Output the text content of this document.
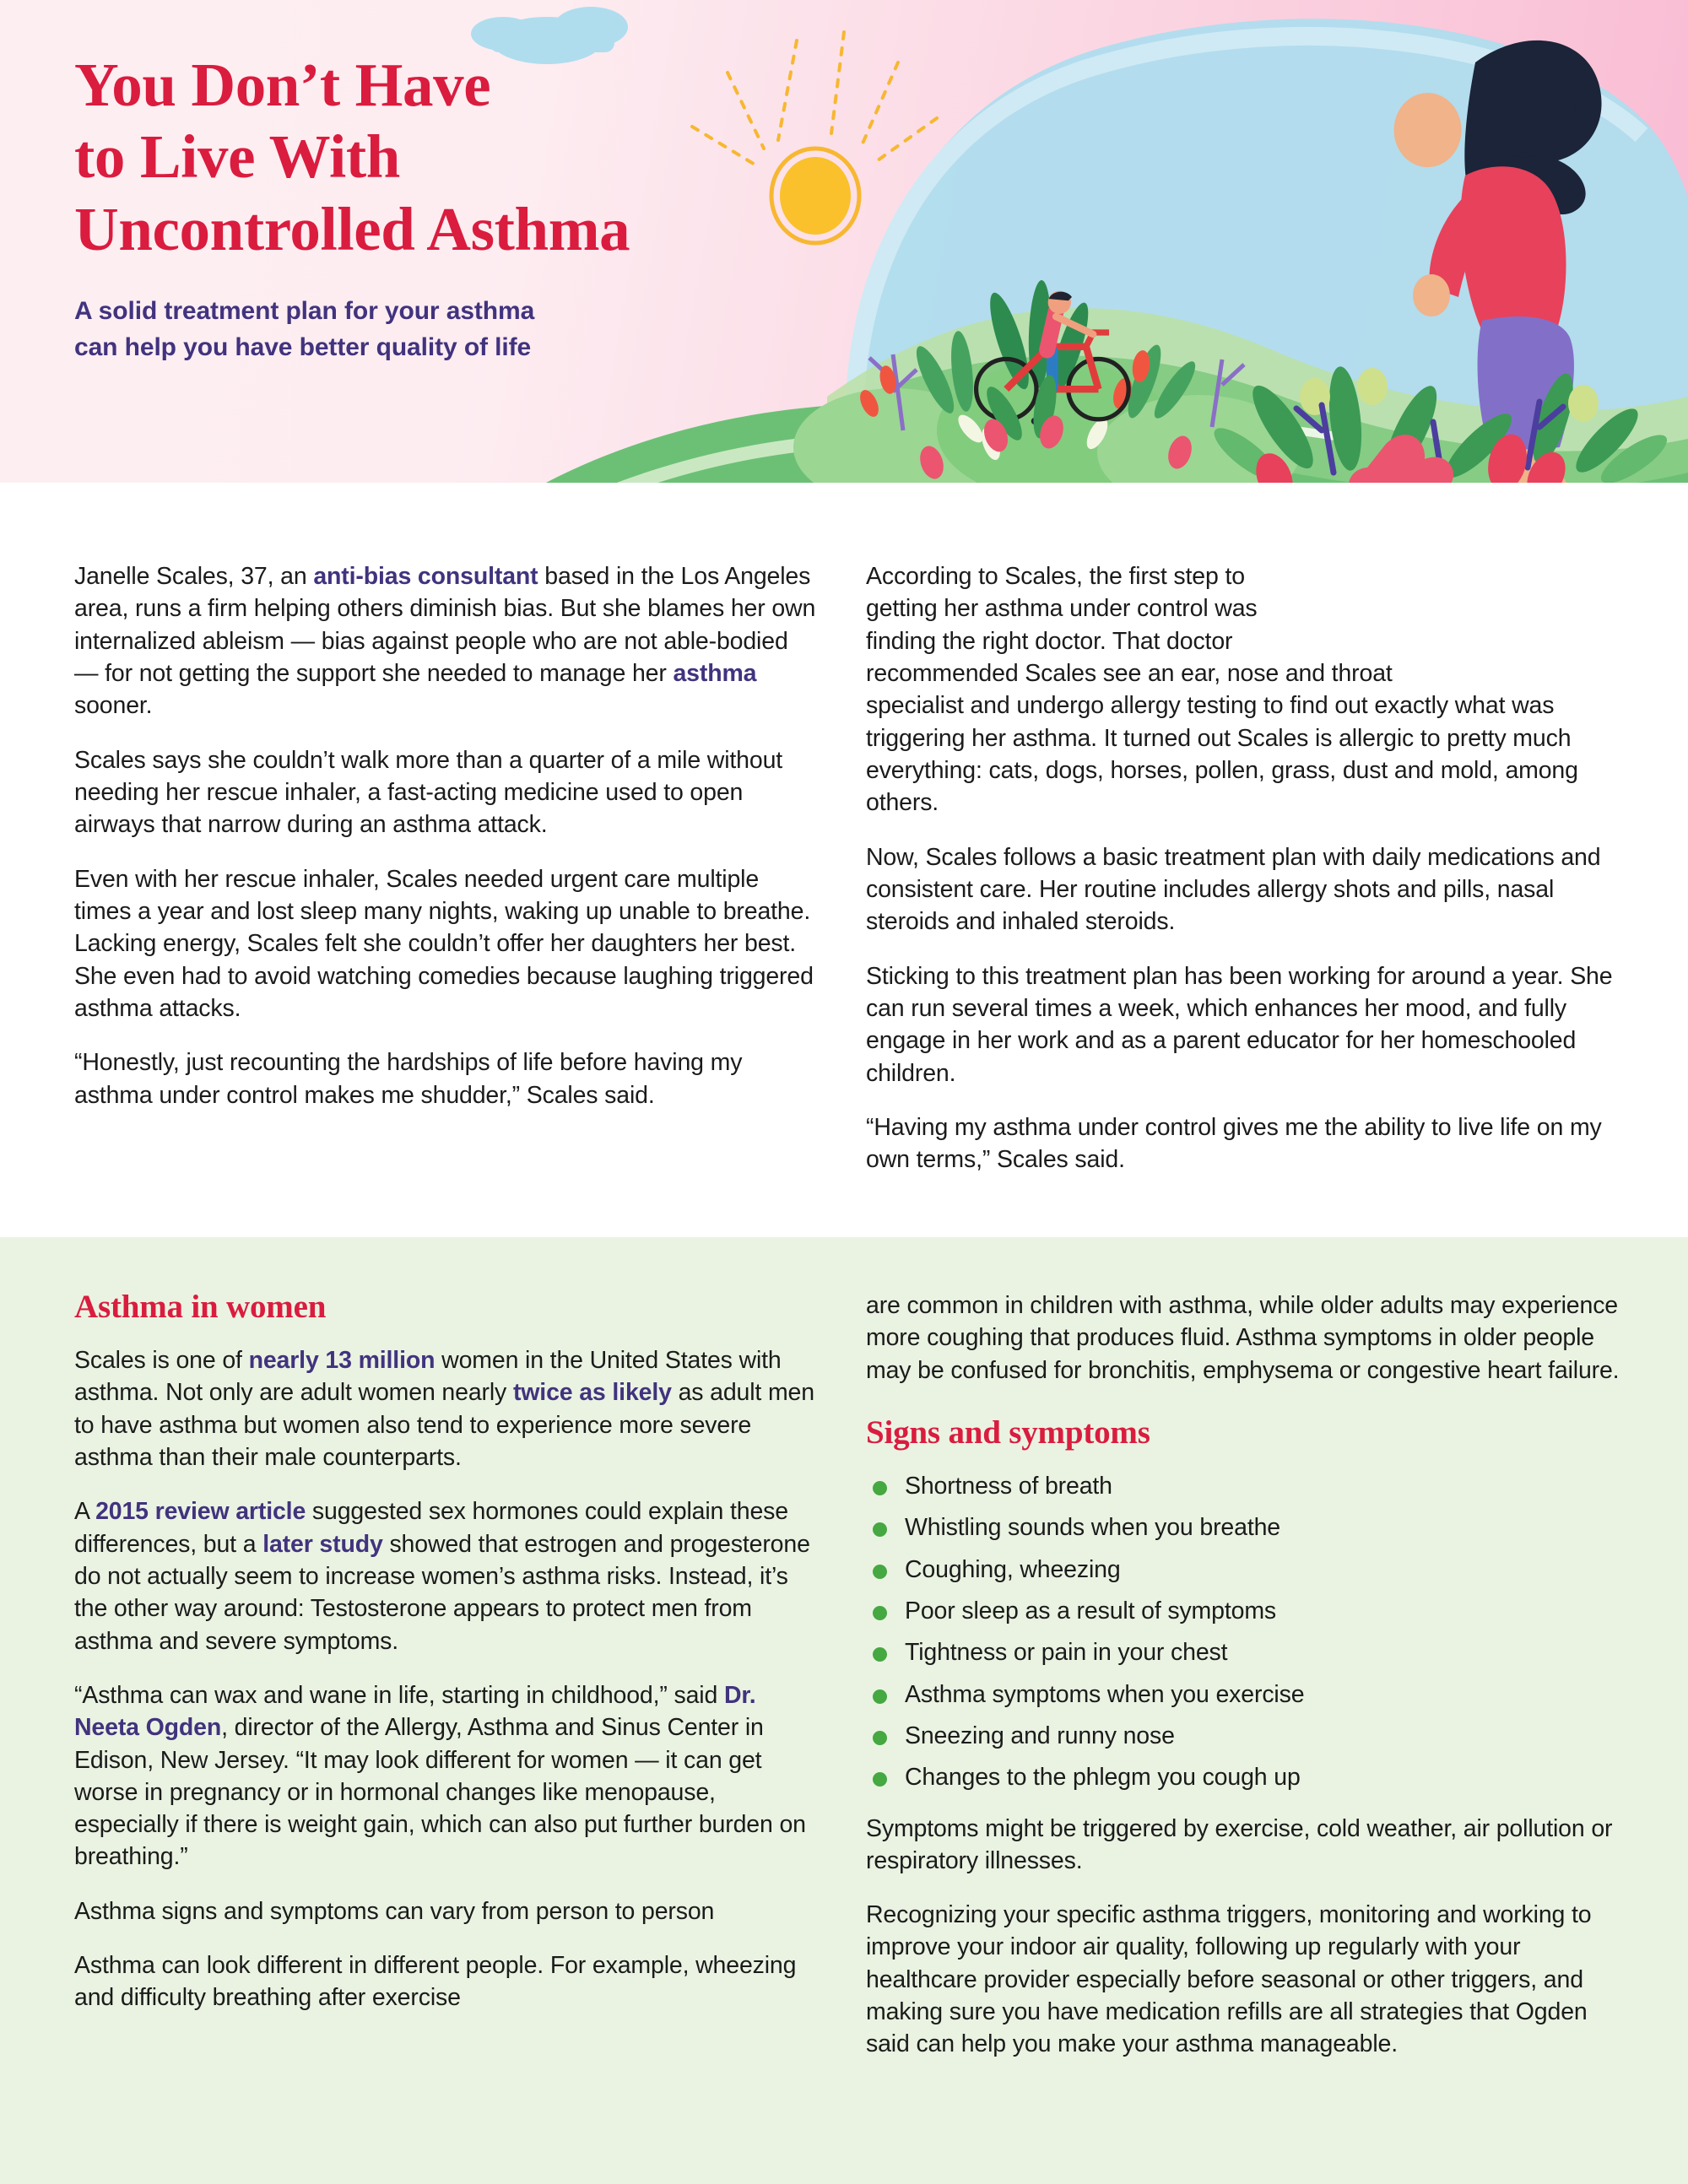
You Don’t Have
to Live With
Uncontrolled Asthma
A solid treatment plan for your asthma
can help you have better quality of life

Janelle Scales, 37, an anti-bias consultant based in the Los Angeles area, runs a firm helping others diminish bias. But she blames her own internalized ableism — bias against people who are not able-bodied — for not getting the support she needed to manage her asthma sooner.

Scales says she couldn’t walk more than a quarter of a mile without needing her rescue inhaler, a fast-acting medicine used to open airways that narrow during an asthma attack.

Even with her rescue inhaler, Scales needed urgent care multiple times a year and lost sleep many nights, waking up unable to breathe. Lacking energy, Scales felt she couldn’t offer her daughters her best. She even had to avoid watching comedies because laughing triggered asthma attacks.

“Honestly, just recounting the hardships of life before having my asthma under control makes me shudder,” Scales said.

According to Scales, the first step to getting her asthma under control was finding the right doctor. That doctor recommended Scales see an ear, nose and throat specialist and undergo allergy testing to find out exactly what was triggering her asthma. It turned out Scales is allergic to pretty much everything: cats, dogs, horses, pollen, grass, dust and mold, among others.

Now, Scales follows a basic treatment plan with daily medications and consistent care. Her routine includes allergy shots and pills, nasal steroids and inhaled steroids.

Sticking to this treatment plan has been working for around a year. She can run several times a week, which enhances her mood, and fully engage in her work and as a parent educator for her homeschooled children.

“Having my asthma under control gives me the ability to live life on my own terms,” Scales said.

Asthma in women

Scales is one of nearly 13 million women in the United States with asthma. Not only are adult women nearly twice as likely as adult men to have asthma but women also tend to experience more severe asthma than their male counterparts.

A 2015 review article suggested sex hormones could explain these differences, but a later study showed that estrogen and progesterone do not actually seem to increase women’s asthma risks. Instead, it’s the other way around: Testosterone appears to protect men from asthma and severe symptoms.

“Asthma can wax and wane in life, starting in childhood,” said Dr. Neeta Ogden, director of the Allergy, Asthma and Sinus Center in Edison, New Jersey. “It may look different for women — it can get worse in pregnancy or in hormonal changes like menopause, especially if there is weight gain, which can also put further burden on breathing.”

Asthma signs and symptoms can vary from person to person

Asthma can look different in different people. For example, wheezing and difficulty breathing after exercise

are common in children with asthma, while older adults may experience more coughing that produces fluid. Asthma symptoms in older people may be confused for bronchitis, emphysema or congestive heart failure.

Signs and symptoms
Shortness of breath
Whistling sounds when you breathe
Coughing, wheezing
Poor sleep as a result of symptoms
Tightness or pain in your chest
Asthma symptoms when you exercise
Sneezing and runny nose
Changes to the phlegm you cough up

Symptoms might be triggered by exercise, cold weather, air pollution or respiratory illnesses.

Recognizing your specific asthma triggers, monitoring and working to improve your indoor air quality, following up regularly with your healthcare provider especially before seasonal or other triggers, and making sure you have medication refills are all strategies that Ogden said can help you make your asthma manageable.
